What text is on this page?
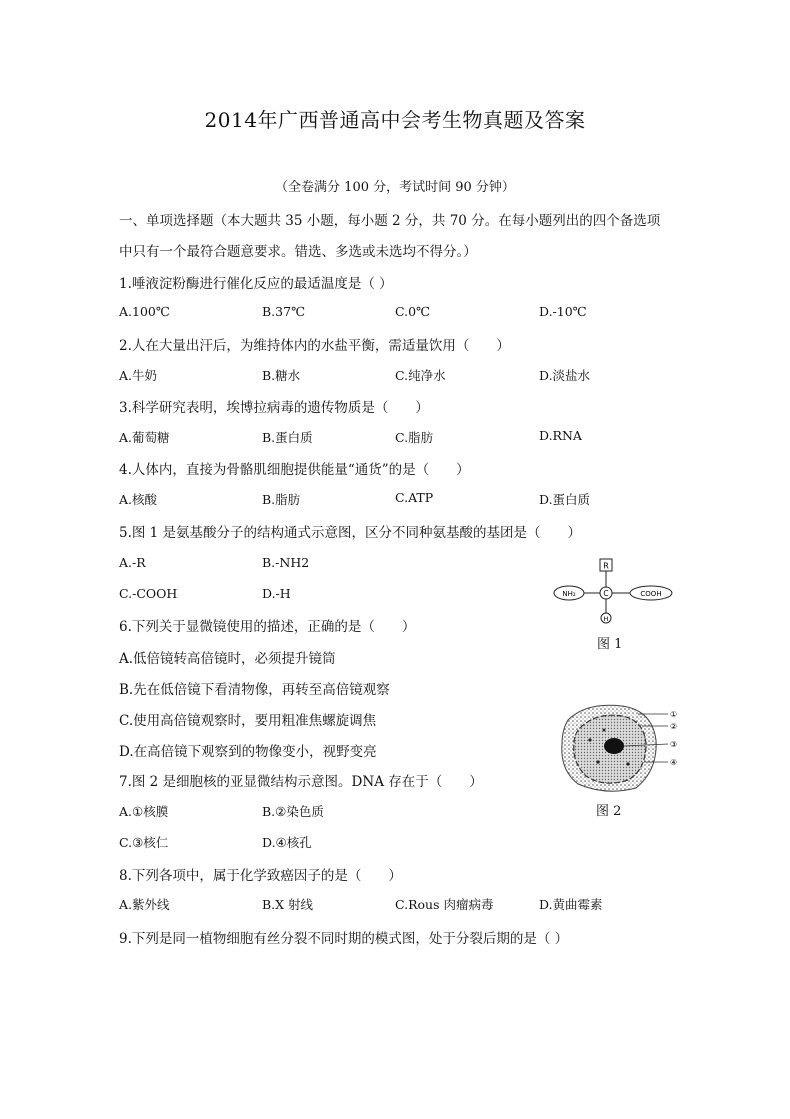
2014年广西普通高中会考生物真题及答案
（全卷满分 100 分，考试时间 90 分钟）
一、单项选择题（本大题共 35 小题，每小题 2 分，共 70 分。在每小题列出的四个备选项
中只有一个最符合题意要求。错选、多选或未选均不得分。）
1.唾液淀粉酶进行催化反应的最适温度是（ ）
A.100℃	B.37℃	C.0℃	D.-10℃
2.人在大量出汗后，为维持体内的水盐平衡，需适量饮用（　　）
A.牛奶	B.糖水	C.纯净水	D.淡盐水
3.科学研究表明，埃博拉病毒的遗传物质是（　　）
A.葡萄糖	B.蛋白质	C.脂肪	D.RNA
4.人体内，直接为骨骼肌细胞提供能量“通货”的是（　　）
A.核酸	B.脂肪	C.ATP	D.蛋白质
5.图 1 是氨基酸分子的结构通式示意图，区分不同种氨基酸的基团是（　　）
A.-R	B.-NH2
C.-COOH	D.-H
R
C
H
NH₂	COOH
图 1
6.下列关于显微镜使用的描述，正确的是（　　）
A.低倍镜转高倍镜时，必须提升镜筒
B.先在低倍镜下看清物像，再转至高倍镜观察
C.使用高倍镜观察时，要用粗准焦螺旋调焦
D.在高倍镜下观察到的物像变小，视野变亮
①
②
③
④
图 2
7.图 2 是细胞核的亚显微结构示意图。DNA 存在于（　　）
A.①核膜	B.②染色质
C.③核仁	D.④核孔
8.下列各项中，属于化学致癌因子的是（　　）
A.紫外线	B.X 射线	C.Rous 肉瘤病毒	D.黄曲霉素
9.下列是同一植物细胞有丝分裂不同时期的模式图，处于分裂后期的是（ ）
